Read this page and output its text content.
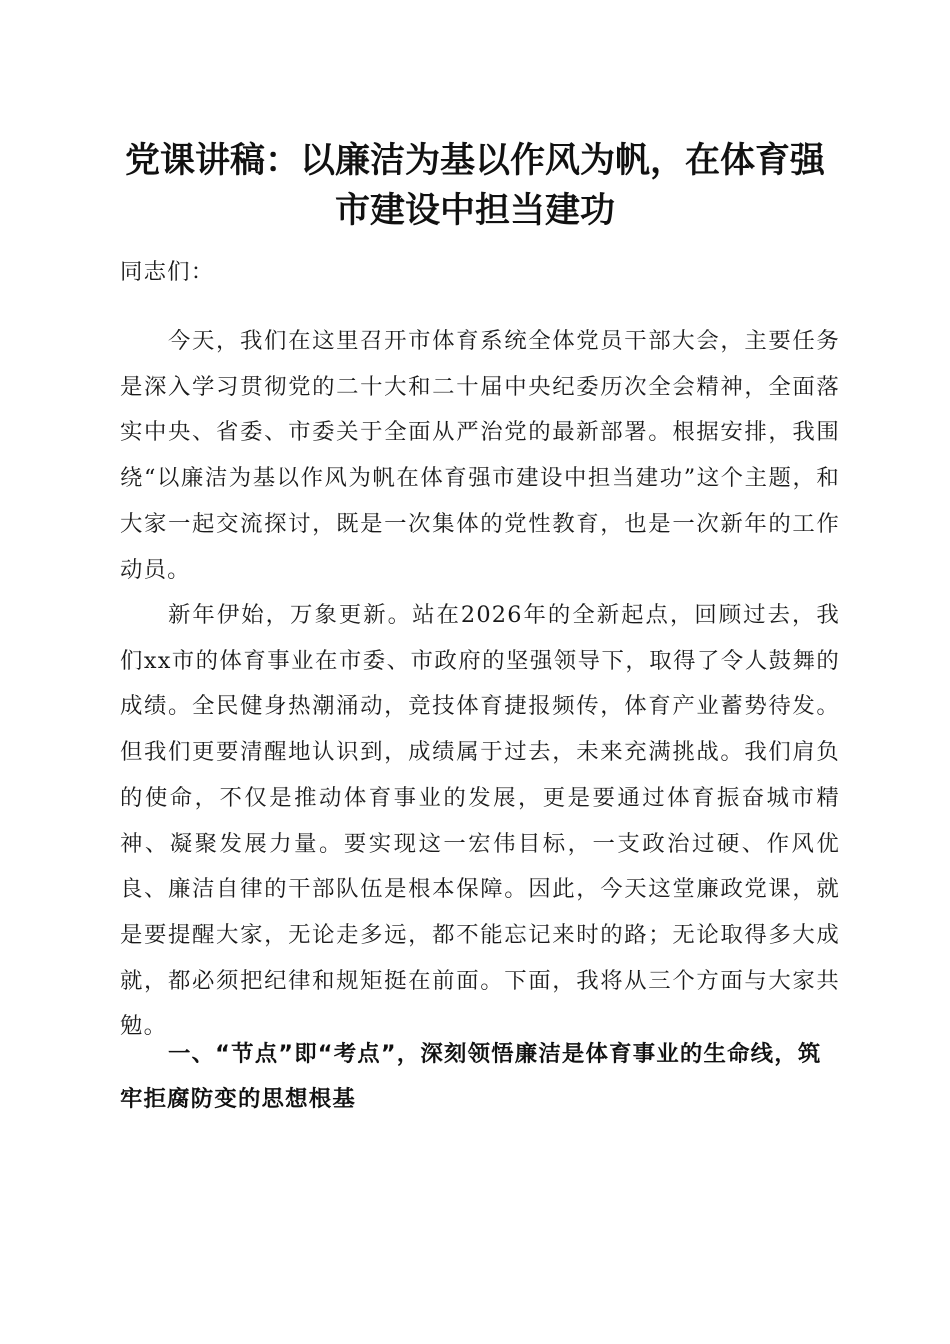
党课讲稿：以廉洁为基以作风为帆，在体育强
市建设中担当建功

同志们：

今天，我们在这里召开市体育系统全体党员干部大会，主要任务是深入学习贯彻党的二十大和二十届中央纪委历次全会精神，全面落实中央、省委、市委关于全面从严治党的最新部署。根据安排，我围绕“以廉洁为基以作风为帆在体育强市建设中担当建功”这个主题，和大家一起交流探讨，既是一次集体的党性教育，也是一次新年的工作动员。

新年伊始，万象更新。站在2026年的全新起点，回顾过去，我们xx市的体育事业在市委、市政府的坚强领导下，取得了令人鼓舞的成绩。全民健身热潮涌动，竞技体育捷报频传，体育产业蓄势待发。但我们更要清醒地认识到，成绩属于过去，未来充满挑战。我们肩负的使命，不仅是推动体育事业的发展，更是要通过体育振奋城市精神、凝聚发展力量。要实现这一宏伟目标，一支政治过硬、作风优良、廉洁自律的干部队伍是根本保障。因此，今天这堂廉政党课，就是要提醒大家，无论走多远，都不能忘记来时的路；无论取得多大成就，都必须把纪律和规矩挺在前面。下面，我将从三个方面与大家共勉。

一、“节点”即“考点”，深刻领悟廉洁是体育事业的生命线，筑牢拒腐防变的思想根基
